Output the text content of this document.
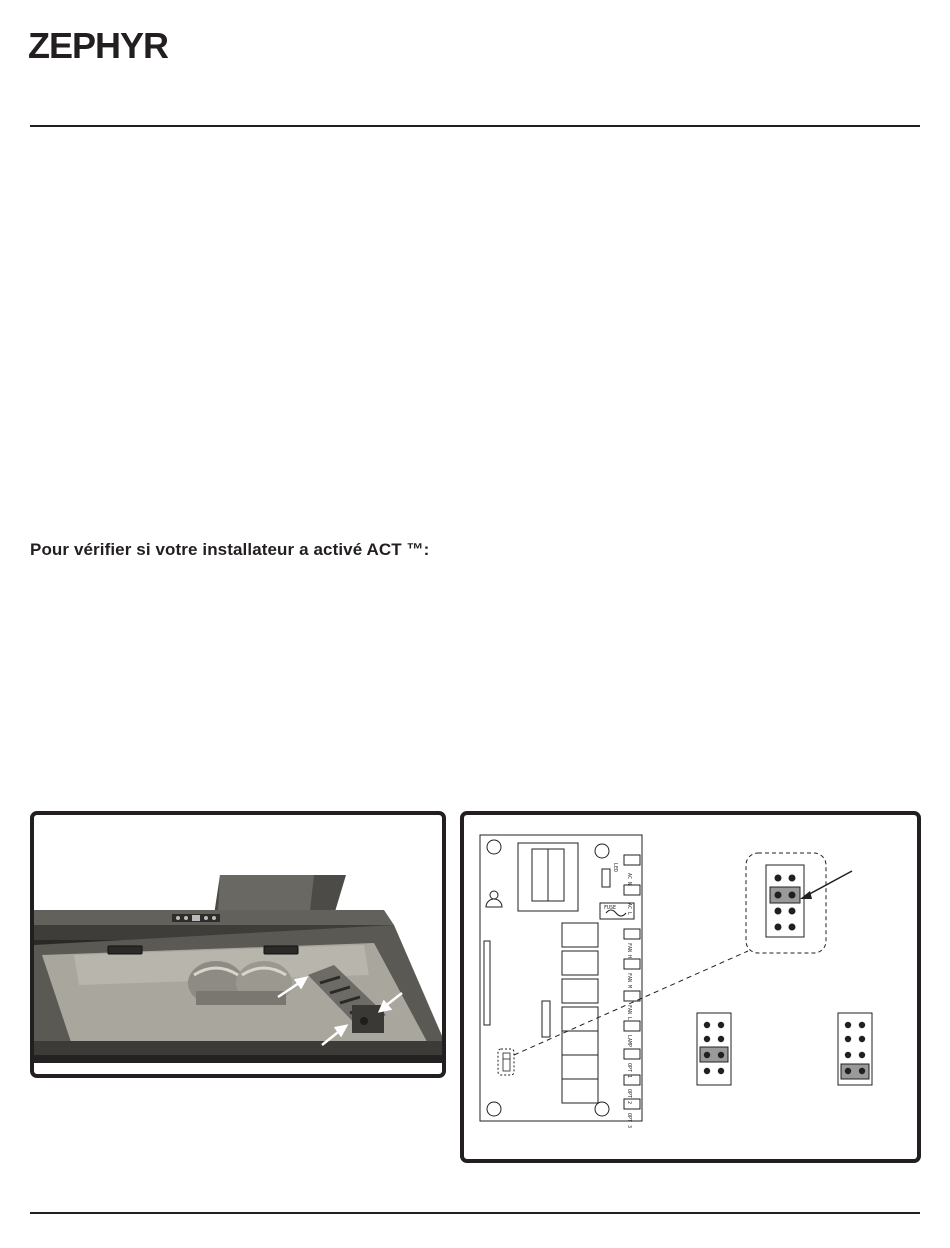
ZEPHYR
Pour vérifier si votre installateur a activé ACT ™:
LED
AC N
AC L
FUSE
FAN H
FAN M
FAN L
LAMP
OPT 1
OPT 2
OPT 3
